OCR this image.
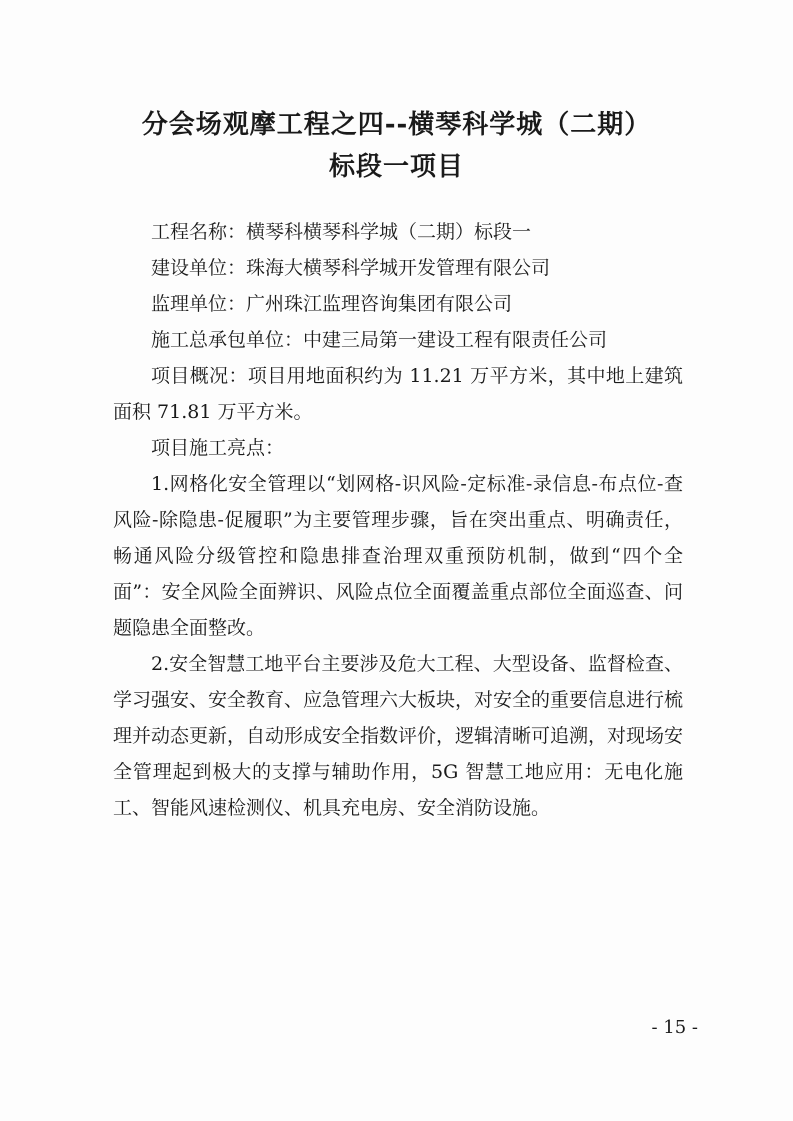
分会场观摩工程之四--横琴科学城（二期）
标段一项目

工程名称：横琴科横琴科学城（二期）标段一

建设单位：珠海大横琴科学城开发管理有限公司

监理单位：广州珠江监理咨询集团有限公司

施工总承包单位：中建三局第一建设工程有限责任公司

项目概况：项目用地面积约为 11.21 万平方米，其中地上建筑面积 71.81 万平方米。

项目施工亮点：

1.网格化安全管理以“划网格-识风险-定标准-录信息-布点位-查风险-除隐患-促履职”为主要管理步骤，旨在突出重点、明确责任，畅通风险分级管控和隐患排查治理双重预防机制，做到“四个全面”：安全风险全面辨识、风险点位全面覆盖重点部位全面巡查、问题隐患全面整改。

2.安全智慧工地平台主要涉及危大工程、大型设备、监督检查、学习强安、安全教育、应急管理六大板块，对安全的重要信息进行梳理并动态更新，自动形成安全指数评价，逻辑清晰可追溯，对现场安全管理起到极大的支撑与辅助作用，5G 智慧工地应用：无电化施工、智能风速检测仪、机具充电房、安全消防设施。

- 15 -
